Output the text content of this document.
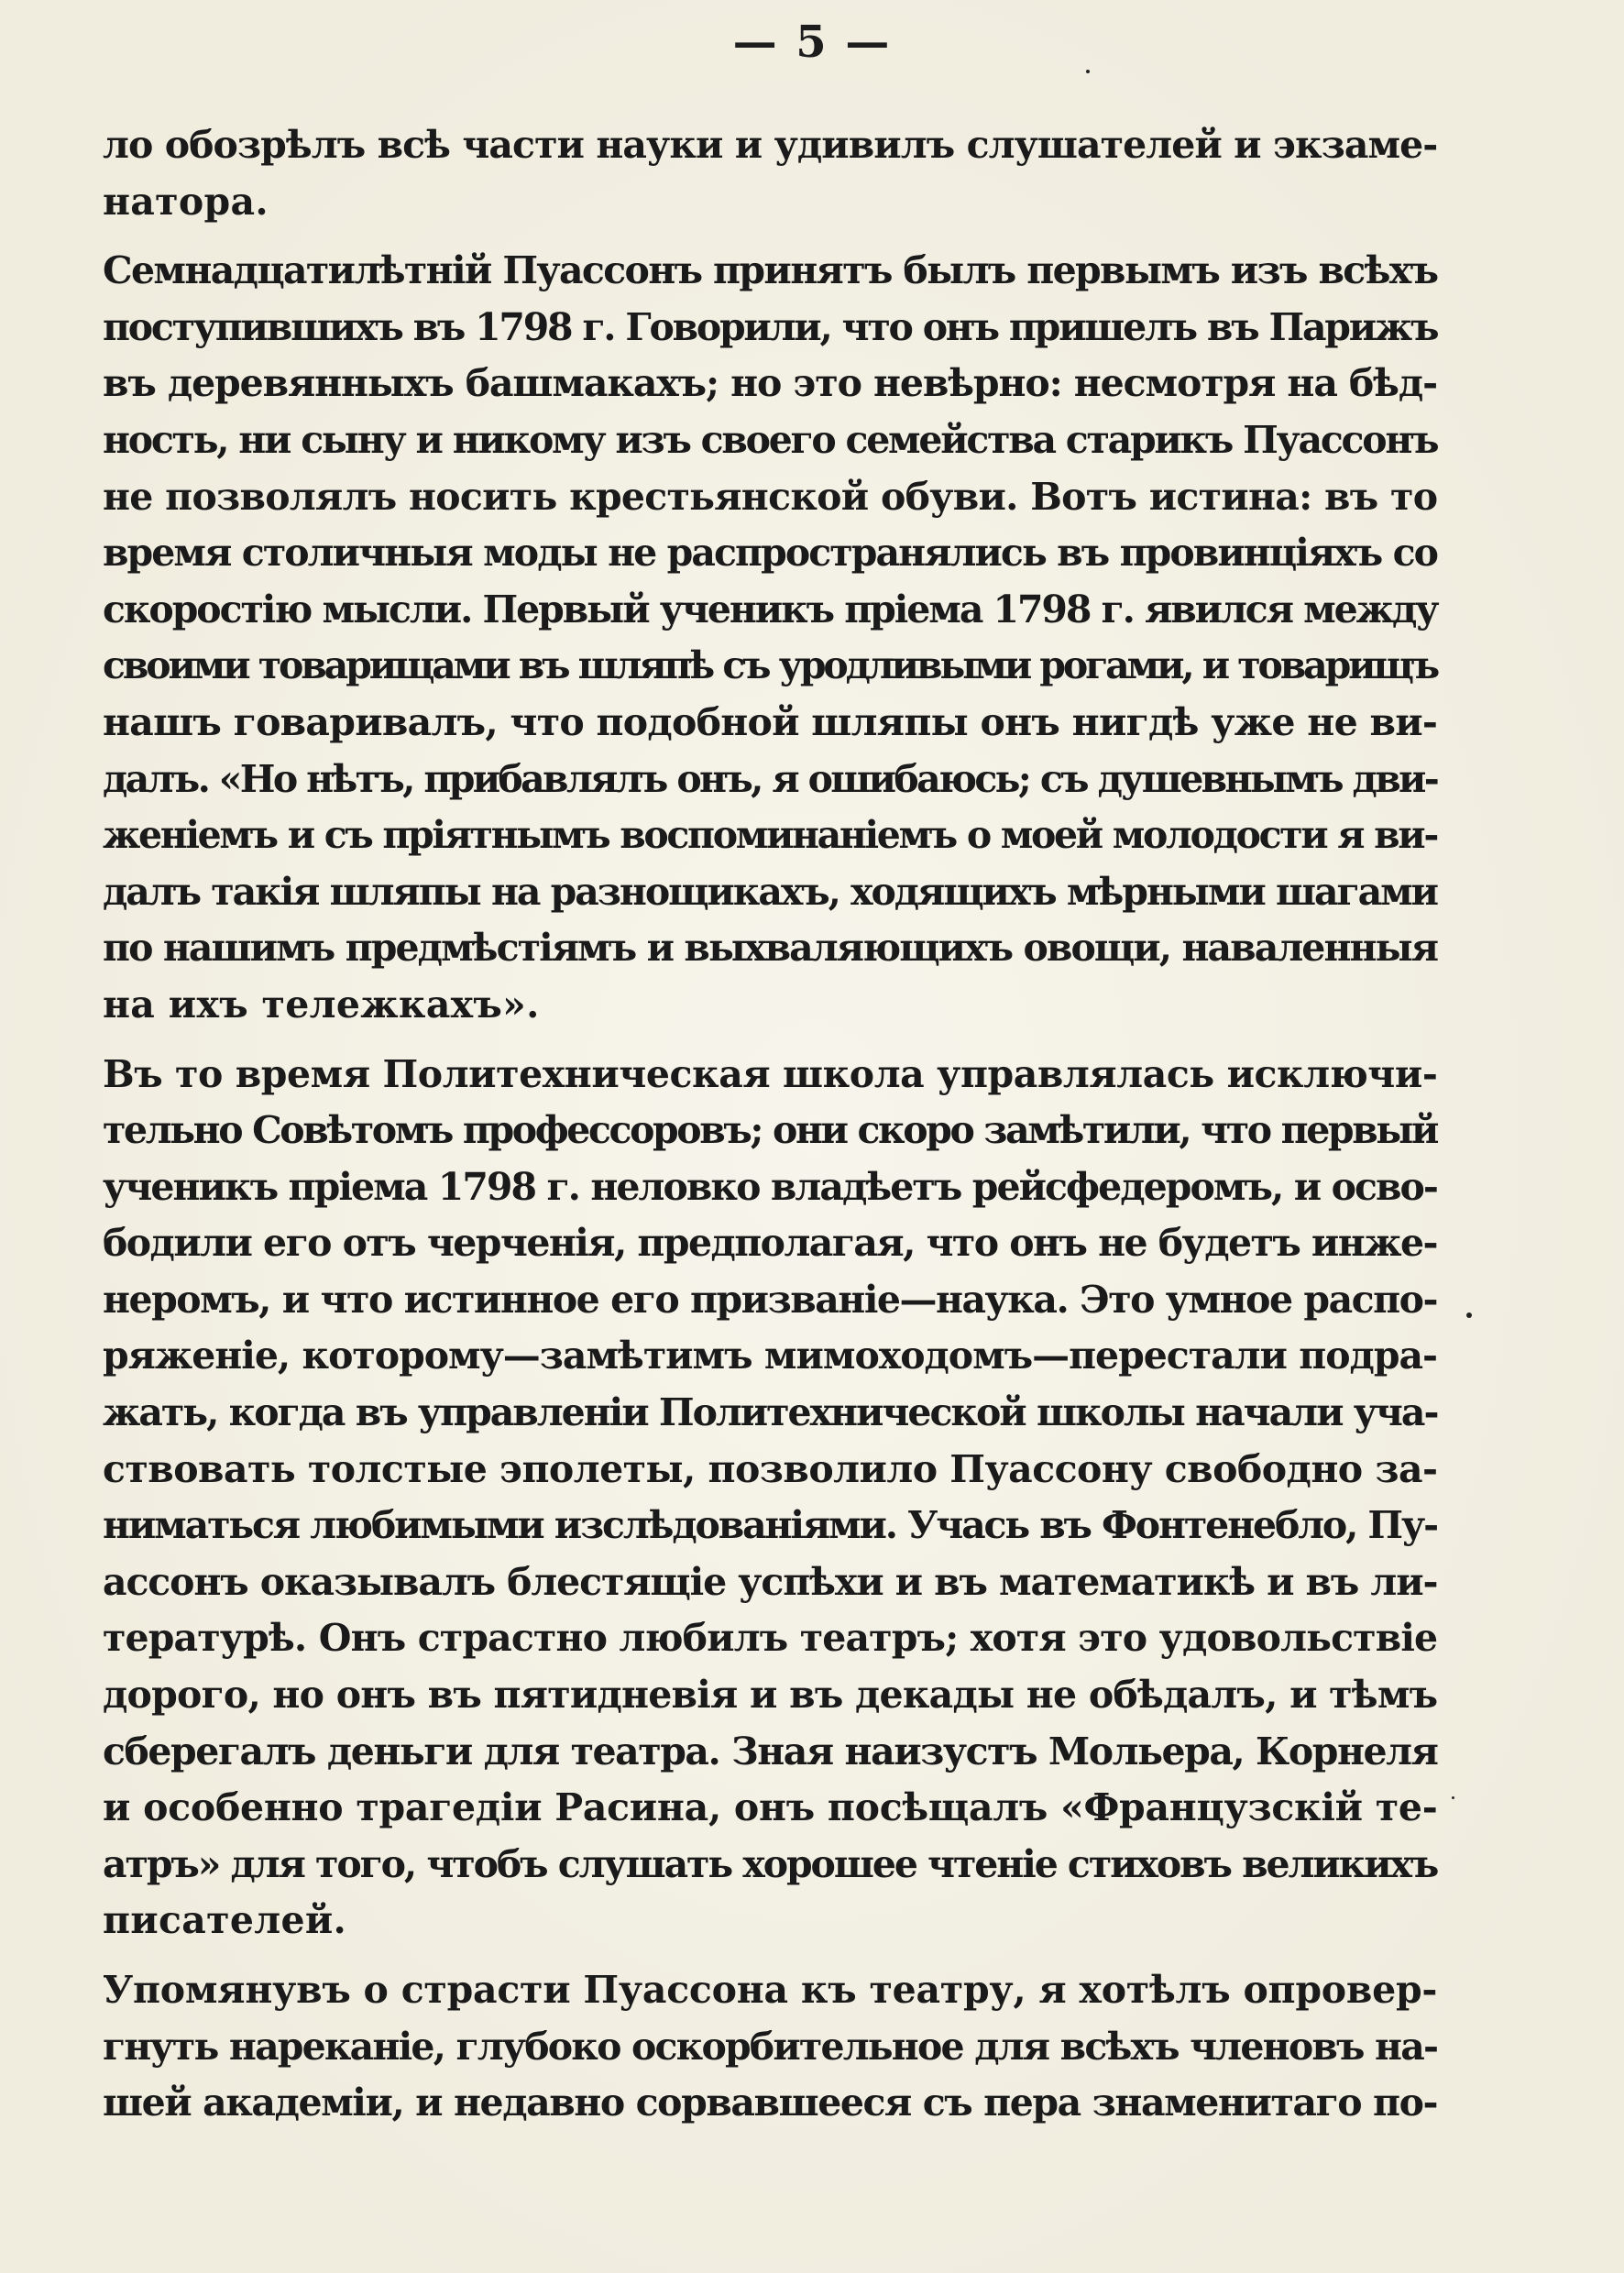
— 5 —

ло обозрѣлъ всѣ части науки и удивилъ слушателей и экзаме-
натора.

Семнадцатилѣтній Пуассонъ принятъ былъ первымъ изъ всѣхъ
поступившихъ въ 1798 г. Говорили, что онъ пришелъ въ Парижъ
въ деревянныхъ башмакахъ; но это невѣрно: несмотря на бѣд-
ность, ни сыну и никому изъ своего семейства старикъ Пуассонъ
не позволялъ носить крестьянской обуви. Вотъ истина: въ то
время столичныя моды не распространялись въ провинціяхъ со
скоростію мысли. Первый ученикъ пріема 1798 г. явился между
своими товарищами въ шляпѣ съ уродливыми рогами, и товарищъ
нашъ говаривалъ, что подобной шляпы онъ нигдѣ уже не ви-
далъ. «Но нѣтъ, прибавлялъ онъ, я ошибаюсь; съ душевнымъ дви-
женіемъ и съ пріятнымъ воспоминаніемъ о моей молодости я ви-
далъ такія шляпы на разнощикахъ, ходящихъ мѣрными шагами
по нашимъ предмѣстіямъ и выхваляющихъ овощи, наваленныя
на ихъ тележкахъ».

Въ то время Политехническая школа управлялась исключи-
тельно Совѣтомъ профессоровъ; они скоро замѣтили, что первый
ученикъ пріема 1798 г. неловко владѣетъ рейсфедеромъ, и осво-
бодили его отъ черченія, предполагая, что онъ не будетъ инже-
неромъ, и что истинное его призваніе—наука. Это умное распо-
ряженіе, которому—замѣтимъ мимоходомъ—перестали подра-
жать, когда въ управленіи Политехнической школы начали уча-
ствовать толстые эполеты, позволило Пуассону свободно за-
ниматься любимыми изслѣдованіями. Учась въ Фонтенебло, Пу-
ассонъ оказывалъ блестящіе успѣхи и въ математикѣ и въ ли-
тературѣ. Онъ страстно любилъ театръ; хотя это удовольствіе
дорого, но онъ въ пятидневія и въ декады не обѣдалъ, и тѣмъ
сберегалъ деньги для театра. Зная наизустъ Мольера, Корнеля
и особенно трагедіи Расина, онъ посѣщалъ «Французскій те-
атръ» для того, чтобъ слушать хорошее чтеніе стиховъ великихъ
писателей.

Упомянувъ о страсти Пуассона къ театру, я хотѣлъ опровер-
гнуть нареканіе, глубоко оскорбительное для всѣхъ членовъ на-
шей академіи, и недавно сорвавшееся съ пера знаменитаго по-
